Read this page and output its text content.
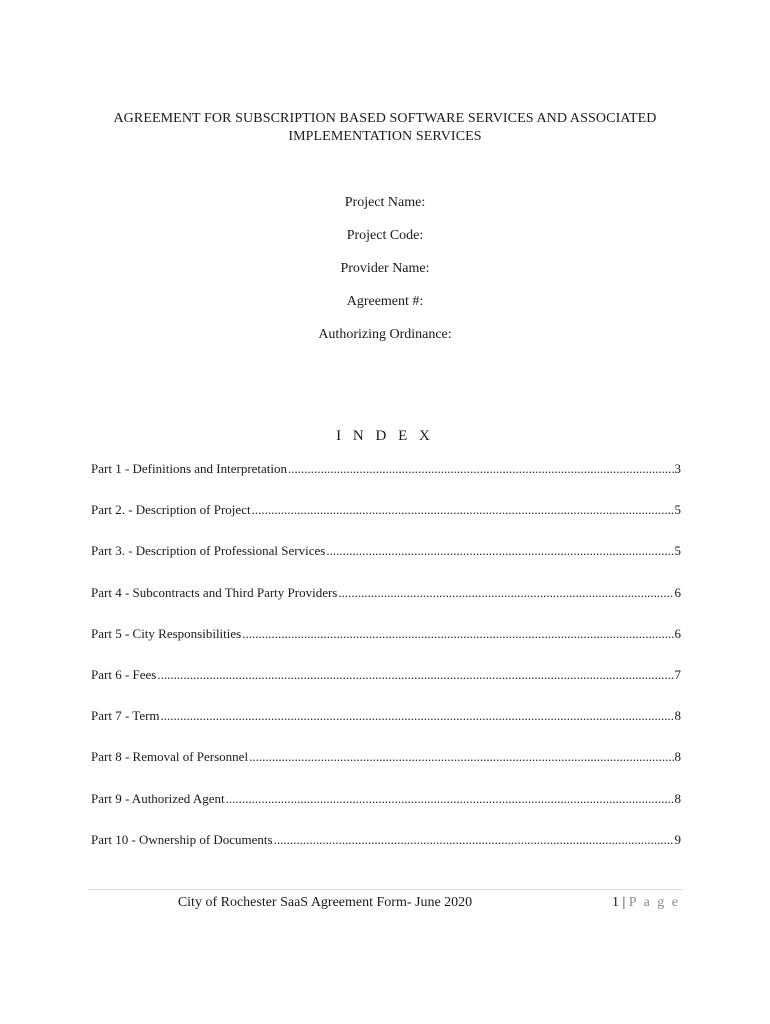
AGREEMENT FOR SUBSCRIPTION BASED SOFTWARE SERVICES AND ASSOCIATED
IMPLEMENTATION SERVICES
Project Name:
Project Code:
Provider Name:
Agreement #:
Authorizing Ordinance:
I N D E X
Part 1 - Definitions and Interpretation .....	3
Part 2. - Description of Project .....	5
Part 3. - Description of Professional Services .....	5
Part 4 - Subcontracts and Third Party Providers .....	6
Part 5 - City Responsibilities .....	6
Part 6 - Fees .....	7
Part 7 - Term .....	8
Part 8 - Removal of Personnel .....	8
Part 9 - Authorized Agent .....	8
Part 10 - Ownership of Documents .....	9
City of Rochester SaaS Agreement Form- June 2020	1 | P a g e
